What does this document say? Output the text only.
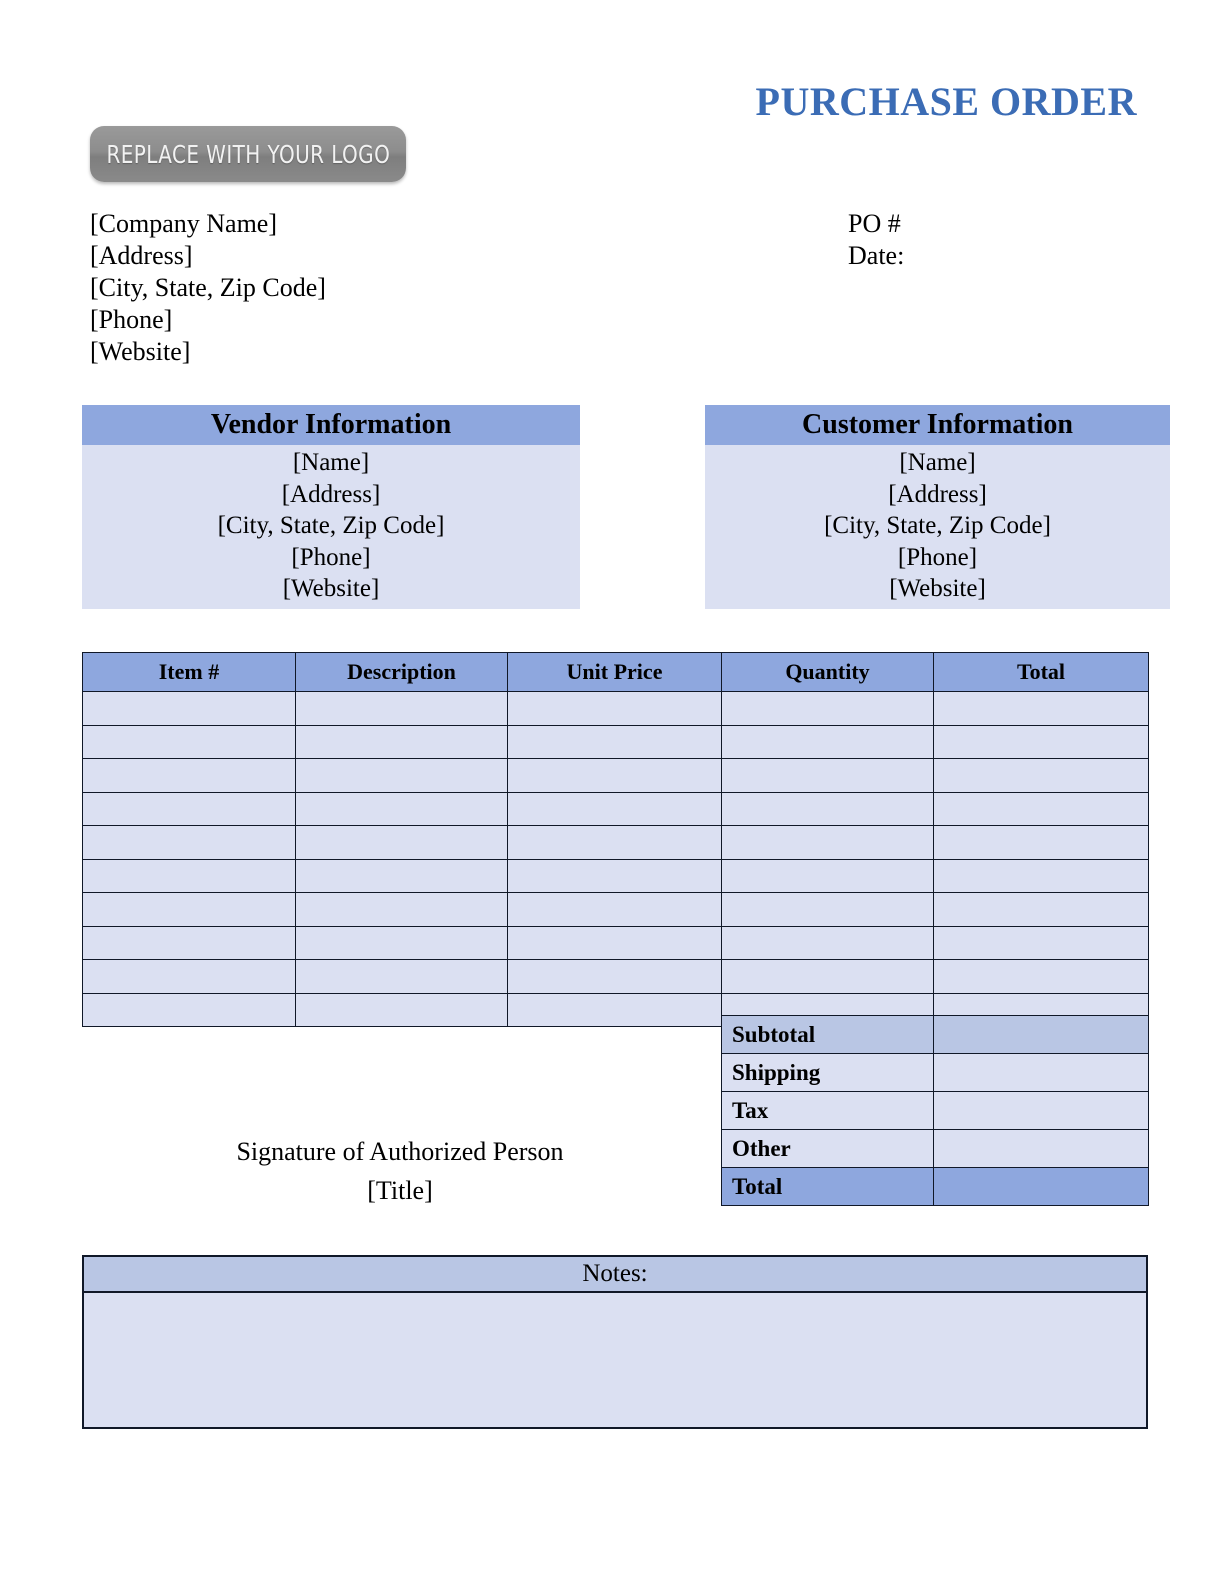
PURCHASE ORDER
REPLACE WITH YOUR LOGO
[Company Name]
[Address]
[City, State, Zip Code]
[Phone]
[Website]
PO #
Date:
Vendor Information
[Name]
[Address]
[City, State, Zip Code]
[Phone]
[Website]
Customer Information
[Name]
[Address]
[City, State, Zip Code]
[Phone]
[Website]
Item #	Description	Unit Price	Quantity	Total

Subtotal	
Shipping	
Tax	
Other	
Total	
Signature of Authorized Person
[Title]
Notes:
